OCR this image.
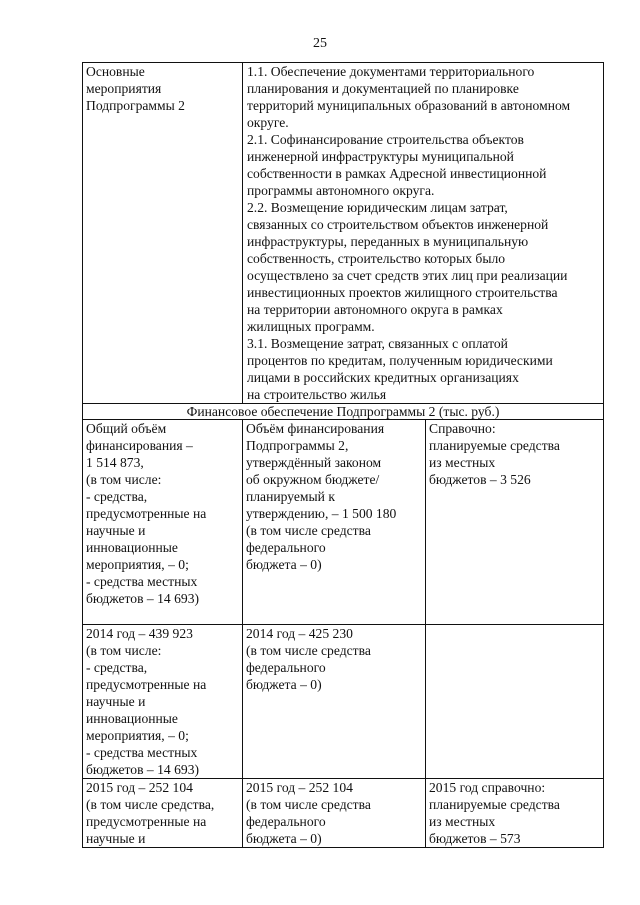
25
Основные
мероприятия
Подпрограммы 2
1.1. Обеспечение документами территориального
планирования и документацией по планировке
территорий муниципальных образований в автономном
округе.
2.1. Софинансирование строительства объектов
инженерной инфраструктуры муниципальной
собственности в рамках Адресной инвестиционной
программы автономного округа.
2.2. Возмещение юридическим лицам затрат,
связанных со строительством объектов инженерной
инфраструктуры, переданных в муниципальную
собственность, строительство которых было
осуществлено за счет средств этих лиц при реализации
инвестиционных проектов жилищного строительства
на территории автономного округа в рамках
жилищных программ.
3.1. Возмещение затрат, связанных с оплатой
процентов по кредитам, полученным юридическими
лицами в российских кредитных организациях
на строительство жилья
Финансовое обеспечение Подпрограммы 2 (тыс. руб.)
Общий объём
финансирования –
1 514 873,
(в том числе:
- средства,
предусмотренные на
научные и
инновационные
мероприятия, – 0;
- средства местных
бюджетов – 14 693)
Объём финансирования
Подпрограммы 2,
утверждённый законом
об окружном бюджете/
планируемый к
утверждению, – 1 500 180
(в том числе средства
федерального
бюджета – 0)
Справочно:
планируемые средства
из местных
бюджетов – 3 526
2014 год – 439 923
(в том числе:
- средства,
предусмотренные на
научные и
инновационные
мероприятия, – 0;
- средства местных
бюджетов – 14 693)
2014 год – 425 230
(в том числе средства
федерального
бюджета – 0)
2015 год – 252 104
(в том числе средства,
предусмотренные на
научные и
2015 год – 252 104
(в том числе средства
федерального
бюджета – 0)
2015 год справочно:
планируемые средства
из местных
бюджетов – 573
